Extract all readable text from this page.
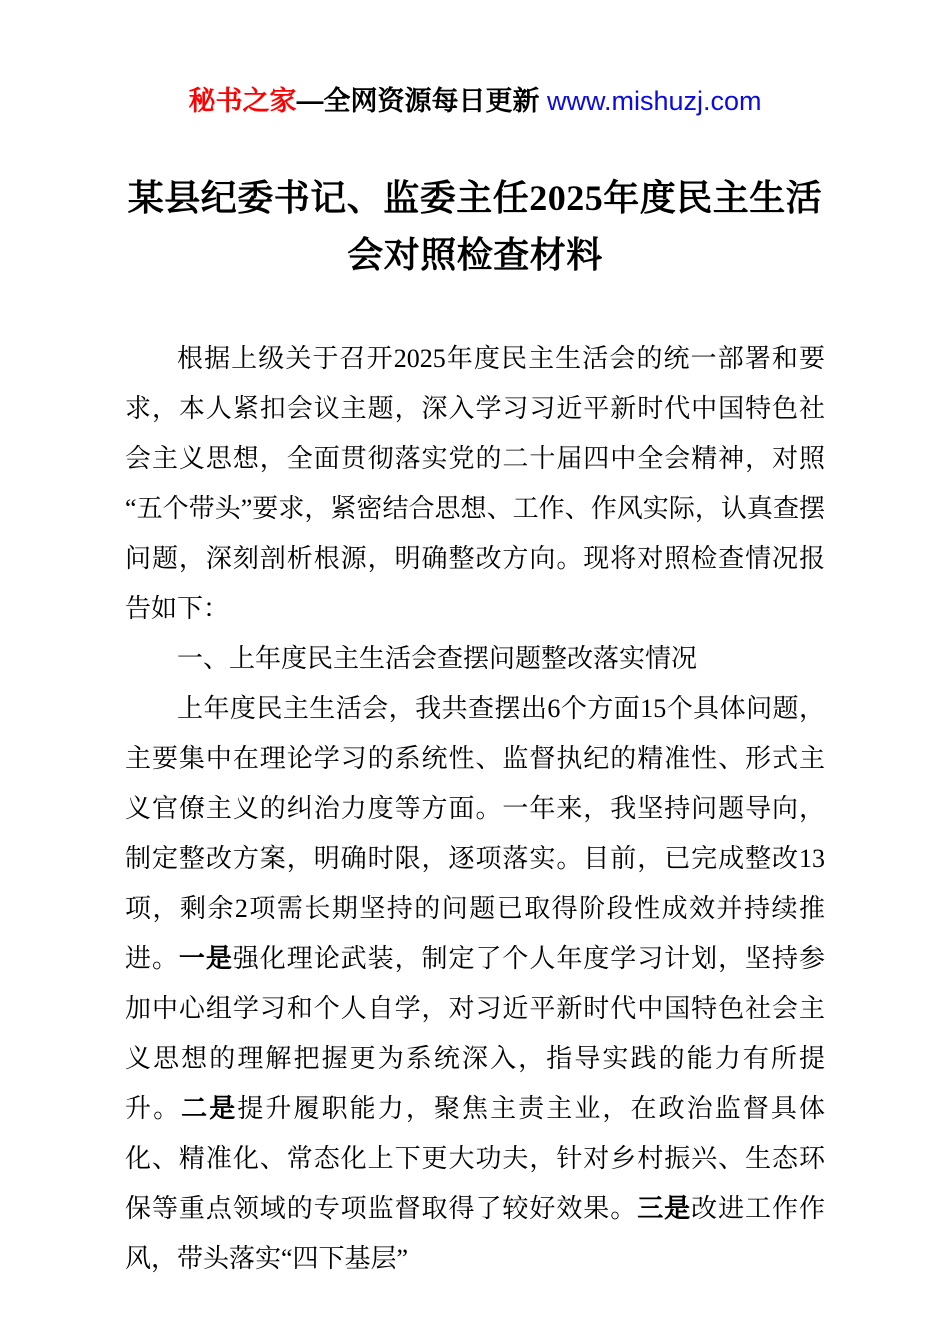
秘书之家—全网资源每日更新 www.mishuzj.com
某县纪委书记、监委主任2025年度民主生活会对照检查材料

根据上级关于召开2025年度民主生活会的统一部署和要求，本人紧扣会议主题，深入学习习近平新时代中国特色社会主义思想，全面贯彻落实党的二十届四中全会精神，对照“五个带头”要求，紧密结合思想、工作、作风实际，认真查摆问题，深刻剖析根源，明确整改方向。现将对照检查情况报告如下：

一、上年度民主生活会查摆问题整改落实情况

上年度民主生活会，我共查摆出6个方面15个具体问题，主要集中在理论学习的系统性、监督执纪的精准性、形式主义官僚主义的纠治力度等方面。一年来，我坚持问题导向，制定整改方案，明确时限，逐项落实。目前，已完成整改13项，剩余2项需长期坚持的问题已取得阶段性成效并持续推进。一是强化理论武装，制定了个人年度学习计划，坚持参加中心组学习和个人自学，对习近平新时代中国特色社会主义思想的理解把握更为系统深入，指导实践的能力有所提升。二是提升履职能力，聚焦主责主业，在政治监督具体化、精准化、常态化上下更大功夫，针对乡村振兴、生态环保等重点领域的专项监督取得了较好效果。三是改进工作作风，带头落实“四下基层”
